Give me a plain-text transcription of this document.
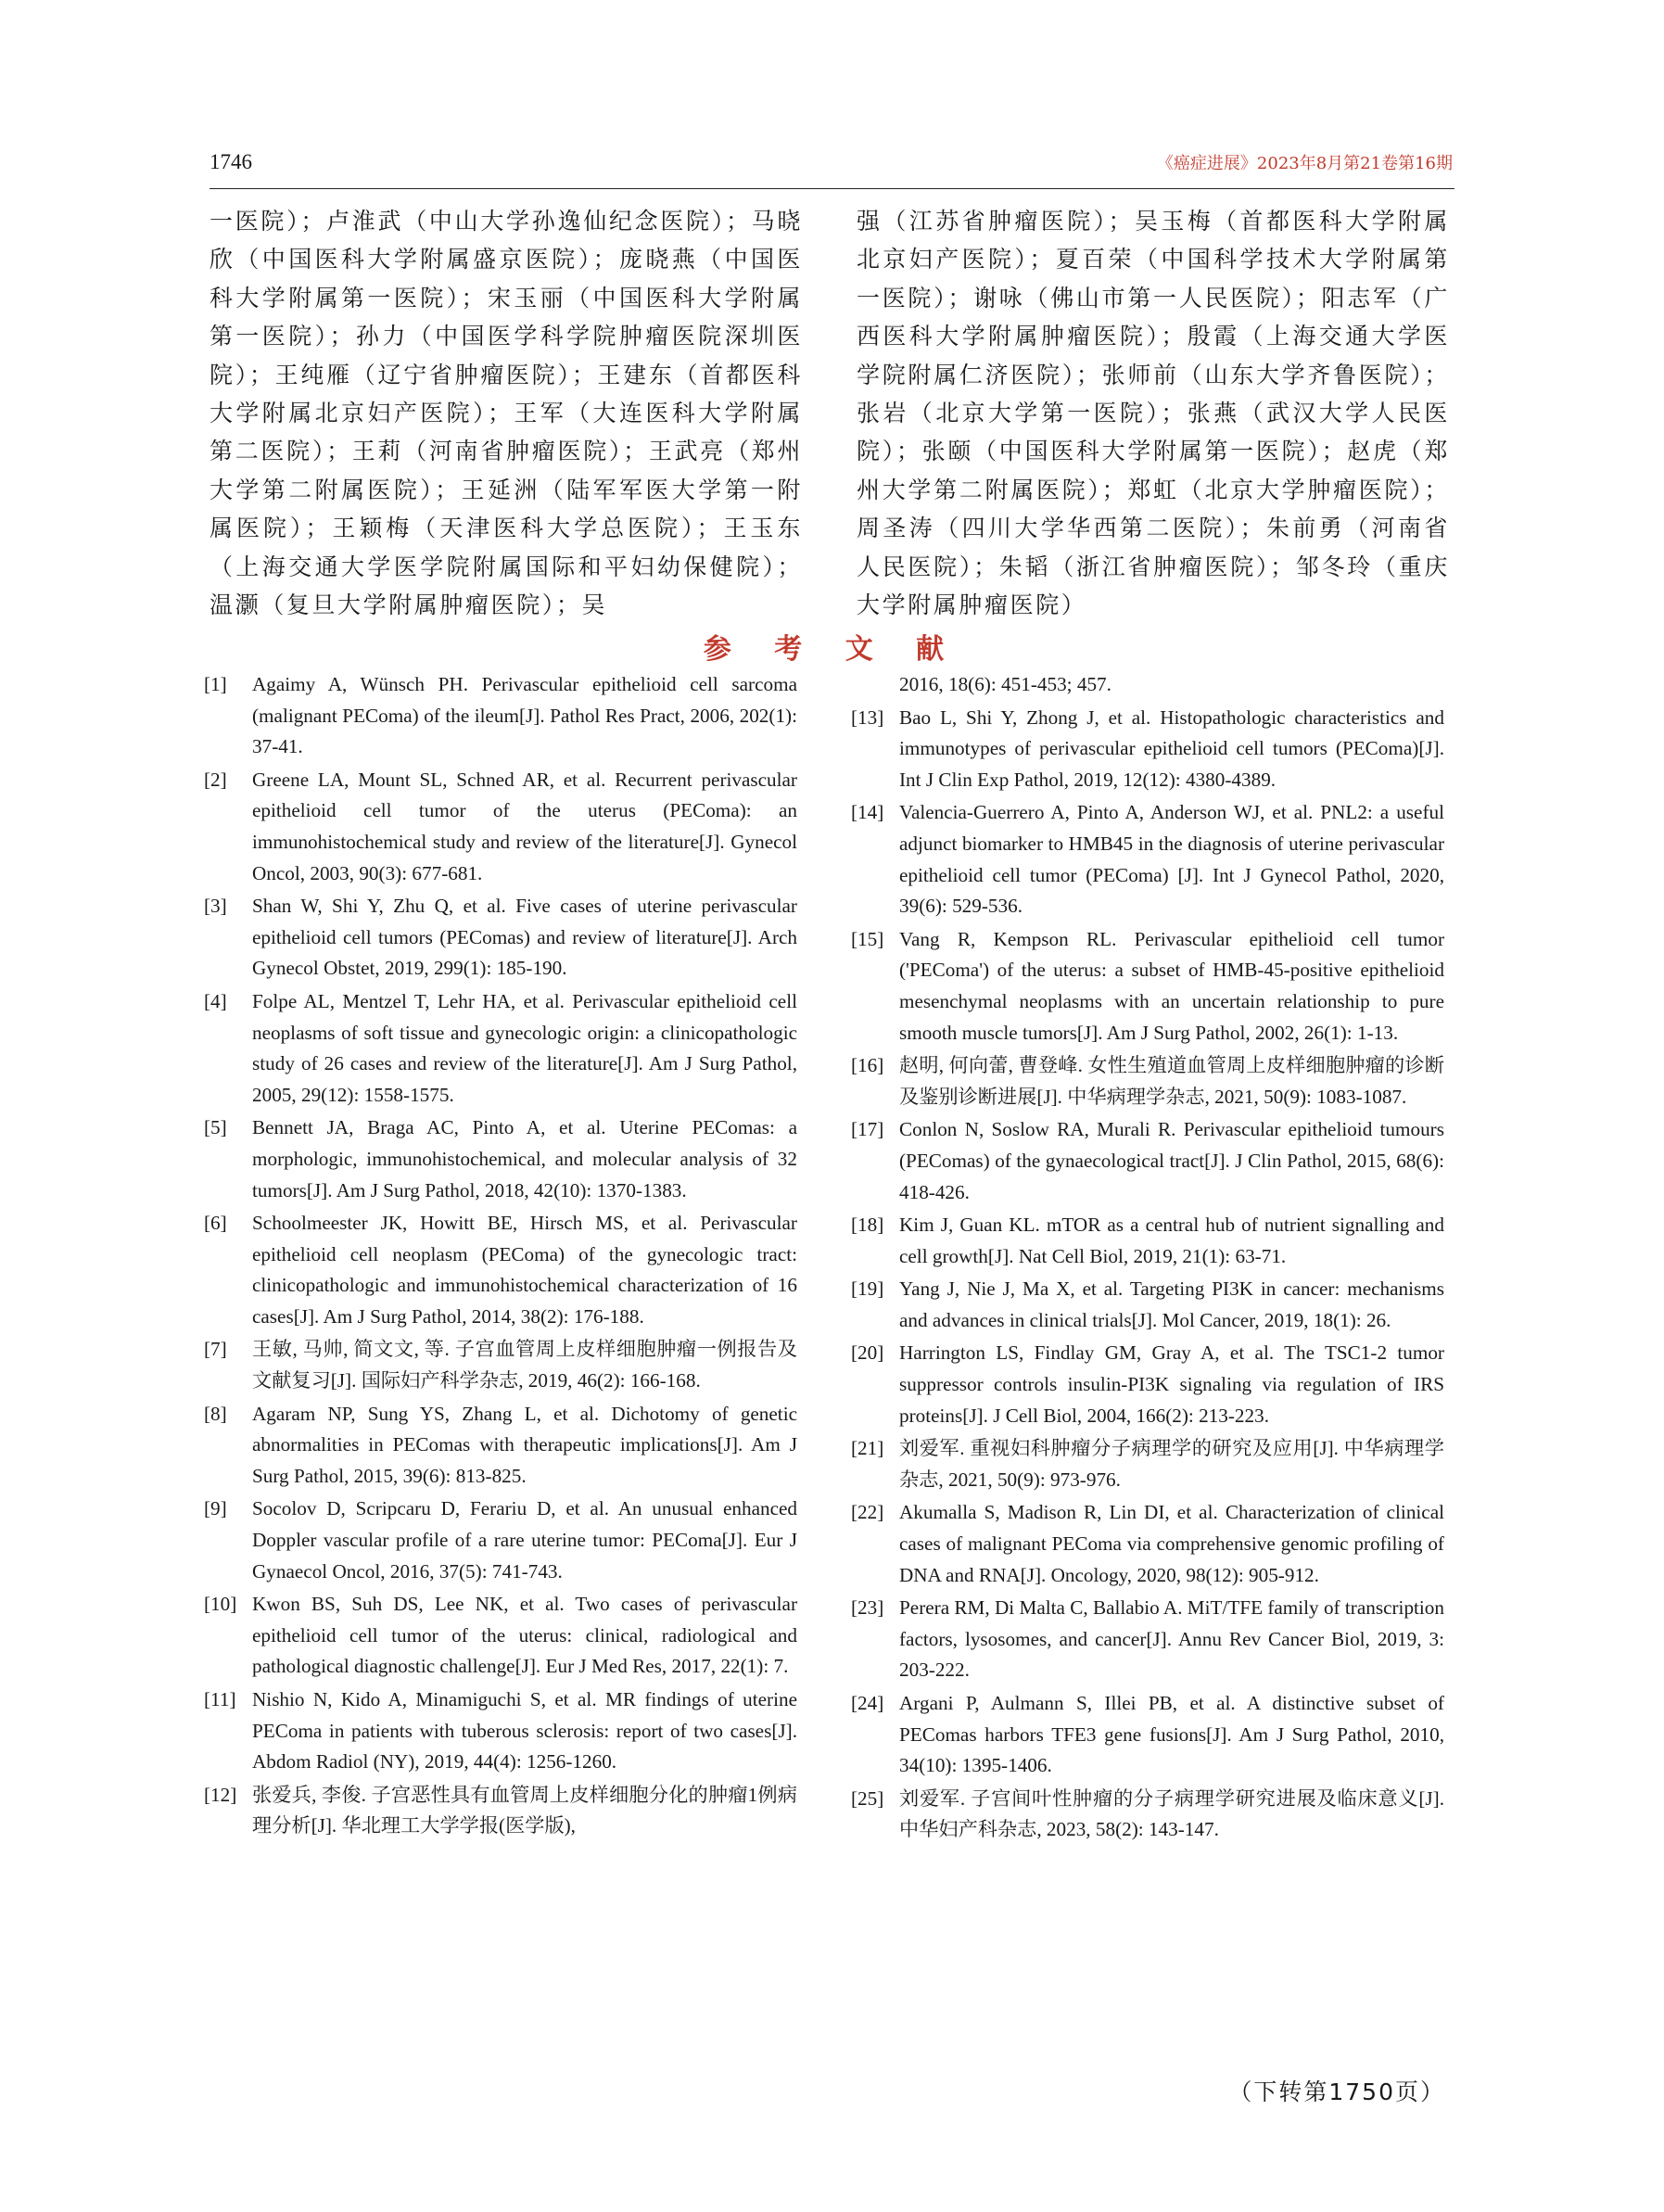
1746	《癌症进展》2023年8月第21卷第16期
一医院）；卢淮武（中山大学孙逸仙纪念医院）；马晓欣（中国医科大学附属盛京医院）；庞晓燕（中国医科大学附属第一医院）；宋玉丽（中国医科大学附属第一医院）；孙力（中国医学科学院肿瘤医院深圳医院）；王纯雁（辽宁省肿瘤医院）；王建东（首都医科大学附属北京妇产医院）；王军（大连医科大学附属第二医院）；王莉（河南省肿瘤医院）；王武亮（郑州大学第二附属医院）；王延洲（陆军军医大学第一附属医院）；王颖梅（天津医科大学总医院）；王玉东（上海交通大学医学院附属国际和平妇幼保健院）；温灏（复旦大学附属肿瘤医院）；吴
强（江苏省肿瘤医院）；吴玉梅（首都医科大学附属北京妇产医院）；夏百荣（中国科学技术大学附属第一医院）；谢咏（佛山市第一人民医院）；阳志军（广西医科大学附属肿瘤医院）；殷霞（上海交通大学医学院附属仁济医院）；张师前（山东大学齐鲁医院）；张岩（北京大学第一医院）；张燕（武汉大学人民医院）；张颐（中国医科大学附属第一医院）；赵虎（郑州大学第二附属医院）；郑虹（北京大学肿瘤医院）；周圣涛（四川大学华西第二医院）；朱前勇（河南省人民医院）；朱韬（浙江省肿瘤医院）；邹冬玲（重庆大学附属肿瘤医院）
参 考 文 献
[1]	Agaimy A, Wünsch PH. Perivascular epithelioid cell sarcoma (malignant PEComa) of the ileum[J]. Pathol Res Pract, 2006, 202(1): 37-41.
[2]	Greene LA, Mount SL, Schned AR, et al. Recurrent perivascular epithelioid cell tumor of the uterus (PEComa): an immunohistochemical study and review of the literature[J]. Gynecol Oncol, 2003, 90(3): 677-681.
[3]	Shan W, Shi Y, Zhu Q, et al. Five cases of uterine perivascular epithelioid cell tumors (PEComas) and review of literature[J]. Arch Gynecol Obstet, 2019, 299(1): 185-190.
[4]	Folpe AL, Mentzel T, Lehr HA, et al. Perivascular epithelioid cell neoplasms of soft tissue and gynecologic origin: a clinicopathologic study of 26 cases and review of the literature[J]. Am J Surg Pathol, 2005, 29(12): 1558-1575.
[5]	Bennett JA, Braga AC, Pinto A, et al. Uterine PEComas: a morphologic, immunohistochemical, and molecular analysis of 32 tumors[J]. Am J Surg Pathol, 2018, 42(10): 1370-1383.
[6]	Schoolmeester JK, Howitt BE, Hirsch MS, et al. Perivascular epithelioid cell neoplasm (PEComa) of the gynecologic tract: clinicopathologic and immunohistochemical characterization of 16 cases[J]. Am J Surg Pathol, 2014, 38(2): 176-188.
[7]	王敏, 马帅, 简文文, 等. 子宫血管周上皮样细胞肿瘤一例报告及文献复习[J]. 国际妇产科学杂志, 2019, 46(2): 166-168.
[8]	Agaram NP, Sung YS, Zhang L, et al. Dichotomy of genetic abnormalities in PEComas with therapeutic implications[J]. Am J Surg Pathol, 2015, 39(6): 813-825.
[9]	Socolov D, Scripcaru D, Ferariu D, et al. An unusual enhanced Doppler vascular profile of a rare uterine tumor: PEComa[J]. Eur J Gynaecol Oncol, 2016, 37(5): 741-743.
[10] Kwon BS, Suh DS, Lee NK, et al. Two cases of perivascular epithelioid cell tumor of the uterus: clinical, radiological and pathological diagnostic challenge[J]. Eur J Med Res, 2017, 22(1): 7.
[11] Nishio N, Kido A, Minamiguchi S, et al. MR findings of uterine PEComa in patients with tuberous sclerosis: report of two cases[J]. Abdom Radiol (NY), 2019, 44(4): 1256-1260.
[12] 张爱兵, 李俊. 子宫恶性具有血管周上皮样细胞分化的肿瘤1例病理分析[J]. 华北理工大学学报(医学版),
2016, 18(6): 451-453; 457.
[13] Bao L, Shi Y, Zhong J, et al. Histopathologic characteristics and immunotypes of perivascular epithelioid cell tumors (PEComa)[J]. Int J Clin Exp Pathol, 2019, 12(12): 4380-4389.
[14] Valencia-Guerrero A, Pinto A, Anderson WJ, et al. PNL2: a useful adjunct biomarker to HMB45 in the diagnosis of uterine perivascular epithelioid cell tumor (PEComa) [J]. Int J Gynecol Pathol, 2020, 39(6): 529-536.
[15] Vang R, Kempson RL. Perivascular epithelioid cell tumor ('PEComa') of the uterus: a subset of HMB-45-positive epithelioid mesenchymal neoplasms with an uncertain relationship to pure smooth muscle tumors[J]. Am J Surg Pathol, 2002, 26(1): 1-13.
[16] 赵明, 何向蕾, 曹登峰. 女性生殖道血管周上皮样细胞肿瘤的诊断及鉴别诊断进展[J]. 中华病理学杂志, 2021, 50(9): 1083-1087.
[17] Conlon N, Soslow RA, Murali R. Perivascular epithelioid tumours (PEComas) of the gynaecological tract[J]. J Clin Pathol, 2015, 68(6): 418-426.
[18] Kim J, Guan KL. mTOR as a central hub of nutrient signalling and cell growth[J]. Nat Cell Biol, 2019, 21(1): 63-71.
[19] Yang J, Nie J, Ma X, et al. Targeting PI3K in cancer: mechanisms and advances in clinical trials[J]. Mol Cancer, 2019, 18(1): 26.
[20] Harrington LS, Findlay GM, Gray A, et al. The TSC1-2 tumor suppressor controls insulin-PI3K signaling via regulation of IRS proteins[J]. J Cell Biol, 2004, 166(2): 213-223.
[21] 刘爱军. 重视妇科肿瘤分子病理学的研究及应用[J]. 中华病理学杂志, 2021, 50(9): 973-976.
[22] Akumalla S, Madison R, Lin DI, et al. Characterization of clinical cases of malignant PEComa via comprehensive genomic profiling of DNA and RNA[J]. Oncology, 2020, 98(12): 905-912.
[23] Perera RM, Di Malta C, Ballabio A. MiT/TFE family of transcription factors, lysosomes, and cancer[J]. Annu Rev Cancer Biol, 2019, 3: 203-222.
[24] Argani P, Aulmann S, Illei PB, et al. A distinctive subset of PEComas harbors TFE3 gene fusions[J]. Am J Surg Pathol, 2010, 34(10): 1395-1406.
[25] 刘爱军. 子宫间叶性肿瘤的分子病理学研究进展及临床意义[J]. 中华妇产科杂志, 2023, 58(2): 143-147.
（下转第1750页）
